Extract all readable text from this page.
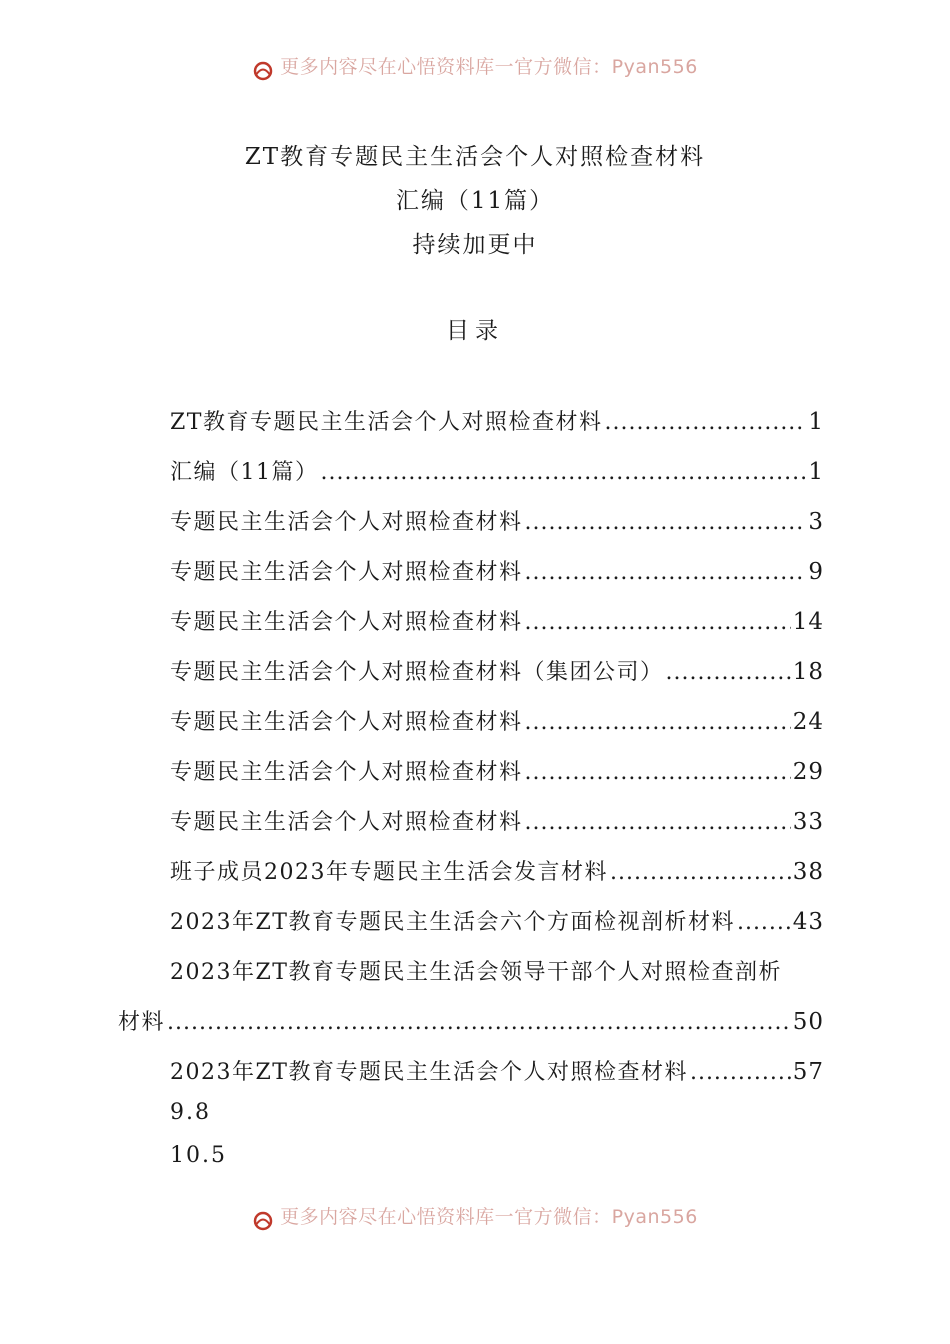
更多内容尽在心悟资料库一官方微信：Pyan556
ZT教育专题民主生活会个人对照检查材料
汇编（11篇）
持续加更中
目录
ZT教育专题民主生活会个人对照检查材料 .....	1
汇编（11篇） .....	1
专题民主生活会个人对照检查材料 .....	3
专题民主生活会个人对照检查材料 .....	9
专题民主生活会个人对照检查材料 .....	14
专题民主生活会个人对照检查材料（集团公司） .....	18
专题民主生活会个人对照检查材料 .....	24
专题民主生活会个人对照检查材料 .....	29
专题民主生活会个人对照检查材料 .....	33
班子成员2023年专题民主生活会发言材料 .....	38
2023年ZT教育专题民主生活会六个方面检视剖析材料 .....	43
2023年ZT教育专题民主生活会领导干部个人对照检查剖析
材料 .....	50
2023年ZT教育专题民主生活会个人对照检查材料 .....	57
9.8
10.5
更多内容尽在心悟资料库一官方微信：Pyan556
